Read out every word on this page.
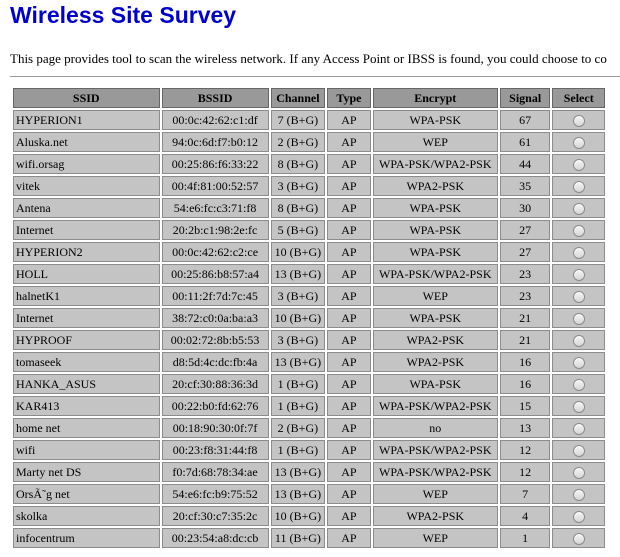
Wireless Site Survey

This page provides tool to scan the wireless network. If any Access Point or IBSS is found, you could choose to co

SSID	BSSID	Channel	Type	Encrypt	Signal	Select
HYPERION1	00:0c:42:62:c1:df	7 (B+G)	AP	WPA-PSK	67	
Aluska.net	94:0c:6d:f7:b0:12	2 (B+G)	AP	WEP	61	
wifi.orsag	00:25:86:f6:33:22	8 (B+G)	AP	WPA-PSK/WPA2-PSK	44	
vitek	00:4f:81:00:52:57	3 (B+G)	AP	WPA2-PSK	35	
Antena	54:e6:fc:c3:71:f8	8 (B+G)	AP	WPA-PSK	30	
Internet	20:2b:c1:98:2e:fc	5 (B+G)	AP	WPA-PSK	27	
HYPERION2	00:0c:42:62:c2:ce	10 (B+G)	AP	WPA-PSK	27	
HOLL	00:25:86:b8:57:a4	13 (B+G)	AP	WPA-PSK/WPA2-PSK	23	
halnetK1	00:11:2f:7d:7c:45	3 (B+G)	AP	WEP	23	
Internet	38:72:c0:0a:ba:a3	10 (B+G)	AP	WPA-PSK	21	
HYPROOF	00:02:72:8b:b5:53	3 (B+G)	AP	WPA2-PSK	21	
tomaseek	d8:5d:4c:dc:fb:4a	13 (B+G)	AP	WPA2-PSK	16	
HANKA_ASUS	20:cf:30:88:36:3d	1 (B+G)	AP	WPA-PSK	16	
KAR413	00:22:b0:fd:62:76	1 (B+G)	AP	WPA-PSK/WPA2-PSK	15	
home net	00:18:90:30:0f:7f	2 (B+G)	AP	no	13	
wifi	00:23:f8:31:44:f8	1 (B+G)	AP	WPA-PSK/WPA2-PSK	12	
Marty net DS	f0:7d:68:78:34:ae	13 (B+G)	AP	WPA-PSK/WPA2-PSK	12	
OrsÃ˜g net	54:e6:fc:b9:75:52	13 (B+G)	AP	WEP	7	
skolka	20:cf:30:c7:35:2c	10 (B+G)	AP	WPA2-PSK	4	
infocentrum	00:23:54:a8:dc:cb	11 (B+G)	AP	WEP	1	
